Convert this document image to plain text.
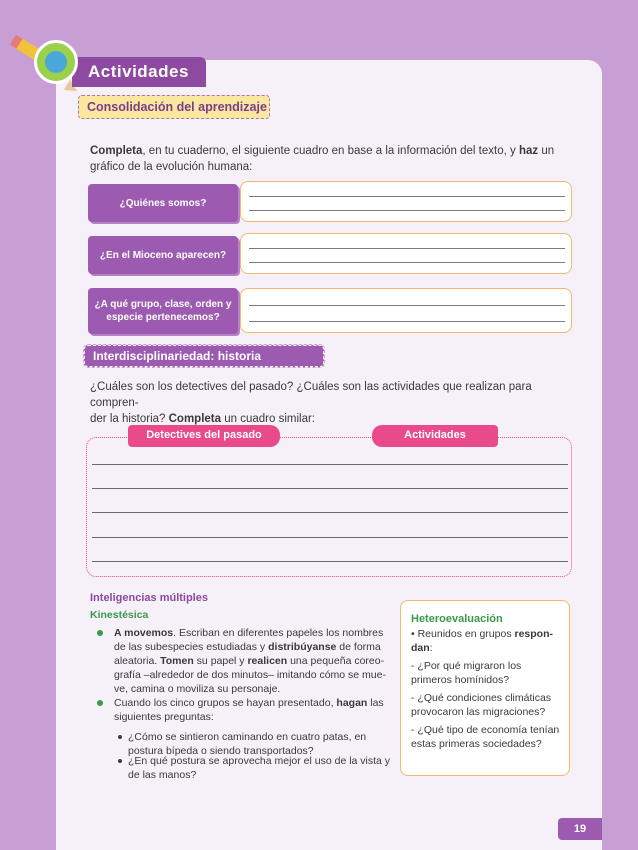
Actividades
Consolidación del aprendizaje
Completa, en tu cuaderno, el siguiente cuadro en base a la información del texto, y haz un
gráfico de la evolución humana:
¿Quiénes somos?
¿En el Mioceno aparecen?
¿A qué grupo, clase, orden y
especie pertenecemos?
Interdisciplinariedad: historia
¿Cuáles son los detectives del pasado? ¿Cuáles son las actividades que realizan para compren-
der la historia? Completa un cuadro similar:
Detectives del pasado	Actividades
Inteligencias múltiples
Kinestésica
A movemos. Escriban en diferentes papeles los nombres
de las subespecies estudiadas y distribúyanse de forma
aleatoria. Tomen su papel y realicen una pequeña coreo-
grafía –alrededor de dos minutos– imitando cómo se mue-
ve, camina o moviliza su personaje.
Cuando los cinco grupos se hayan presentado, hagan las
siguientes preguntas:
¿Cómo se sintieron caminando en cuatro patas, en
postura bípeda o siendo transportados?
¿En qué postura se aprovecha mejor el uso de la vista y
de las manos?
Heteroevaluación
• Reunidos en grupos respon-
dan:
- ¿Por qué migraron los primeros homínidos?
- ¿Qué condiciones climáticas provocaron las migraciones?
- ¿Qué tipo de economía tenían estas primeras sociedades?
19
